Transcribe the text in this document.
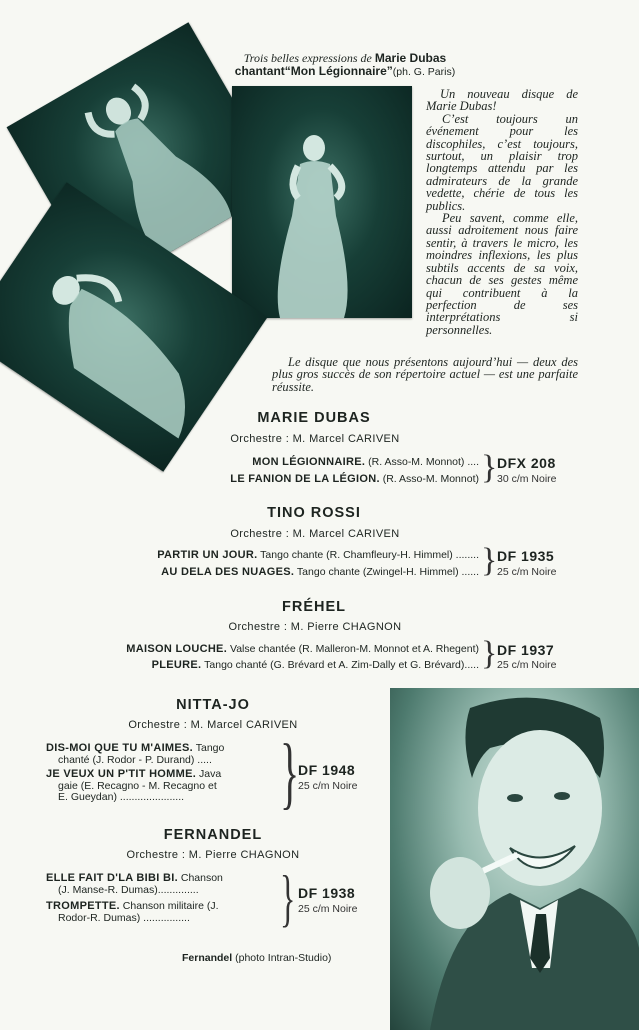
Trois belles expressions de Marie Dubas
chantant“Mon Légionnaire”(ph. G. Paris)

Un nouveau disque de Marie Dubas!

C’est toujours un événement pour les discophiles, c’est toujours, surtout, un plaisir trop longtemps attendu par les admirateurs de la grande vedette, chérie de tous les publics.

Peu savent, comme elle, aussi adroitement nous faire sentir, à travers le micro, les moindres inflexions, les plus subtils accents de sa voix, chacun de ses gestes même qui contribuent à la perfection de ses interprétations si personnelles.

Le disque que nous présentons aujourd’hui — deux des plus gros succès de son répertoire actuel — est une parfaite réussite.

MARIE DUBAS
Orchestre : M. Marcel CARIVEN
MON LÉGIONNAIRE. (R. Asso-M. Monnot) ....
LE FANION DE LA LÉGION. (R. Asso-M. Monnot) } DFX 208
30 c/m Noire
TINO ROSSI
Orchestre : M. Marcel CARIVEN
PARTIR UN JOUR. Tango chante (R. Chamfleury-H. Himmel) ........
AU DELA DES NUAGES. Tango chante (Zwingel-H. Himmel) ...... } DF 1935
25 c/m Noire
FRÉHEL
Orchestre : M. Pierre CHAGNON
MAISON LOUCHE. Valse chantée (R. Malleron-M. Monnot et A. Rhegent)
PLEURE. Tango chanté (G. Brévard et A. Zim-Dally et G. Brévard)..... } DF 1937
25 c/m Noire
NITTA-JO
Orchestre : M. Marcel CARIVEN
DIS-MOI QUE TU M'AIMES. Tango
chanté (J. Rodor - P. Durand) .....
JE VEUX UN P'TIT HOMME. Java
gaie (E. Recagno - M. Recagno et
E. Gueydan) ......................	}
DF 1948
25 c/m Noire
FERNANDEL
Orchestre : M. Pierre CHAGNON
ELLE FAIT D'LA BIBI BI. Chanson
(J. Manse-R. Dumas)..............
TROMPETTE. Chanson militaire (J.
Rodor-R. Dumas) ................	} DF 1938
25 c/m Noire
Fernandel (photo Intran-Studio)
